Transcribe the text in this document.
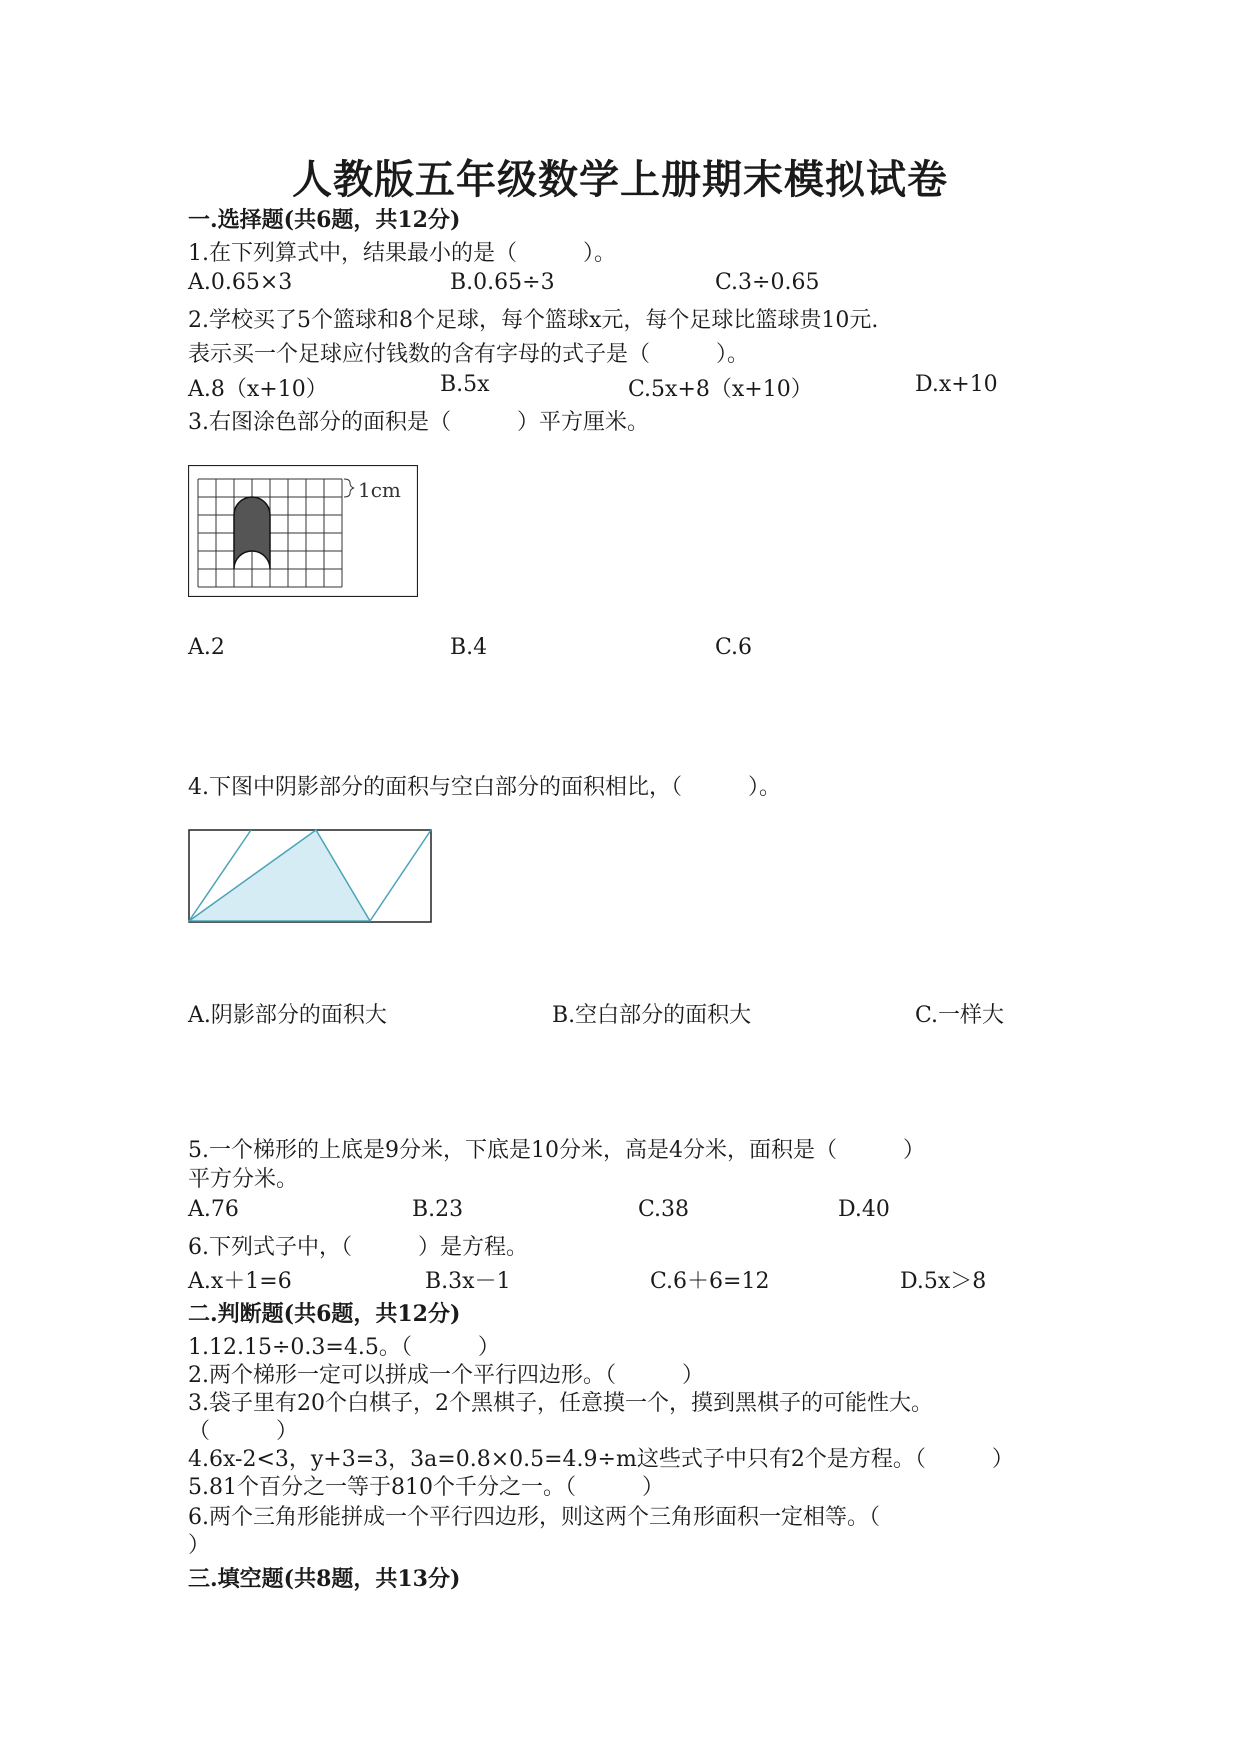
人教版五年级数学上册期末模拟试卷
一.选择题(共6题，共12分)
1.在下列算式中，结果最小的是（　　　）。
A.0.65×3	B.0.65÷3	C.3÷0.65
2.学校买了5个篮球和8个足球，每个篮球x元，每个足球比篮球贵10元.
表示买一个足球应付钱数的含有字母的式子是（　　　）。
A.8（x+10）	B.5x	C.5x+8（x+10）	D.x+10
3.右图涂色部分的面积是（　　　）平方厘米。
1cm
A.2	B.4	C.6
4.下图中阴影部分的面积与空白部分的面积相比，（　　　）。
A.阴影部分的面积大	B.空白部分的面积大	C.一样大
5.一个梯形的上底是9分米，下底是10分米，高是4分米，面积是（　　　）
平方分米。
A.76	B.23	C.38	D.40
6.下列式子中，（　　　）是方程。
A.x＋1=6	B.3x－1	C.6＋6=12	D.5x＞8
二.判断题(共6题，共12分)
1.12.15÷0.3=4.5。（　　　）
2.两个梯形一定可以拼成一个平行四边形。（　　　）
3.袋子里有20个白棋子，2个黑棋子，任意摸一个，摸到黑棋子的可能性大。
（　　　）
4.6x-2<3，y+3=3，3a=0.8×0.5=4.9÷m这些式子中只有2个是方程。（　　　）
5.81个百分之一等于810个千分之一。（　　　）
6.两个三角形能拼成一个平行四边形，则这两个三角形面积一定相等。（
）
三.填空题(共8题，共13分)
